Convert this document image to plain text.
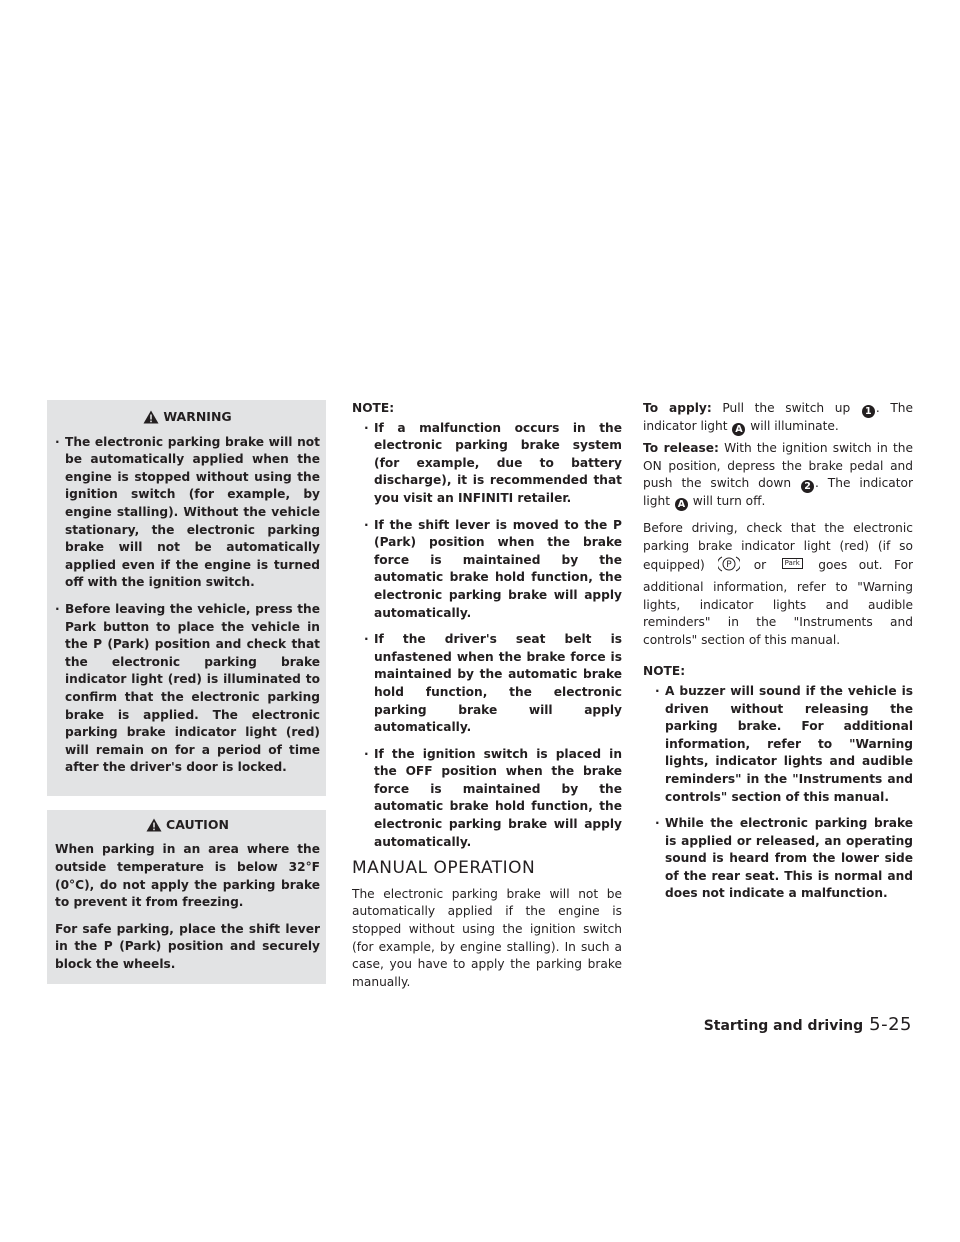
WARNING
· The electronic parking brake will not be automatically applied when the engine is stopped without using the ignition switch (for example, by engine stalling). Without the vehicle stationary, the electronic parking brake will not be automatically applied even if the engine is turned off with the ignition switch.
· Before leaving the vehicle, press the Park button to place the vehicle in the P (Park) position and check that the electronic parking brake indicator light (red) is illuminated to confirm that the electronic parking brake is applied. The electronic parking brake indicator light (red) will remain on for a period of time after the driver's door is locked.
CAUTION

When parking in an area where the outside temperature is below 32°F (0°C), do not apply the parking brake to prevent it from freezing.

For safe parking, place the shift lever in the P (Park) position and securely block the wheels.

NOTE:
· If a malfunction occurs in the electronic parking brake system (for example, due to battery discharge), it is recommended that you visit an INFINITI retailer.
· If the shift lever is moved to the P (Park) position when the brake force is maintained by the automatic brake hold function, the electronic parking brake will apply automatically.
· If the driver's seat belt is unfastened when the brake force is maintained by the automatic brake hold function, the electronic parking brake will apply automatically.
· If the ignition switch is placed in the OFF position when the brake force is maintained by the automatic brake hold function, the electronic parking brake will apply automatically.
MANUAL OPERATION

The electronic parking brake will not be automatically applied if the engine is stopped without using the ignition switch (for example, by engine stalling). In such a case, you have to apply the parking brake manually.

To apply: Pull the switch up 1 . The indicator light A will illuminate.

To release: With the ignition switch in the ON position, depress the brake pedal and push the switch down 2 . The indicator light A will turn off.

Before driving, check that the electronic parking brake indicator light (red) (if so equipped) P or	Park goes out. For additional information, refer to "Warning lights, indicator lights and audible reminders" in the "Instruments and controls" section of this manual.

NOTE:
· A buzzer will sound if the vehicle is driven without releasing the parking brake. For additional information, refer to "Warning lights, indicator lights and audible reminders" in the "Instruments and controls" section of this manual.
· While the electronic parking brake is applied or released, an operating sound is heard from the lower side of the rear seat. This is normal and does not indicate a malfunction.
Starting and driving 5-25
